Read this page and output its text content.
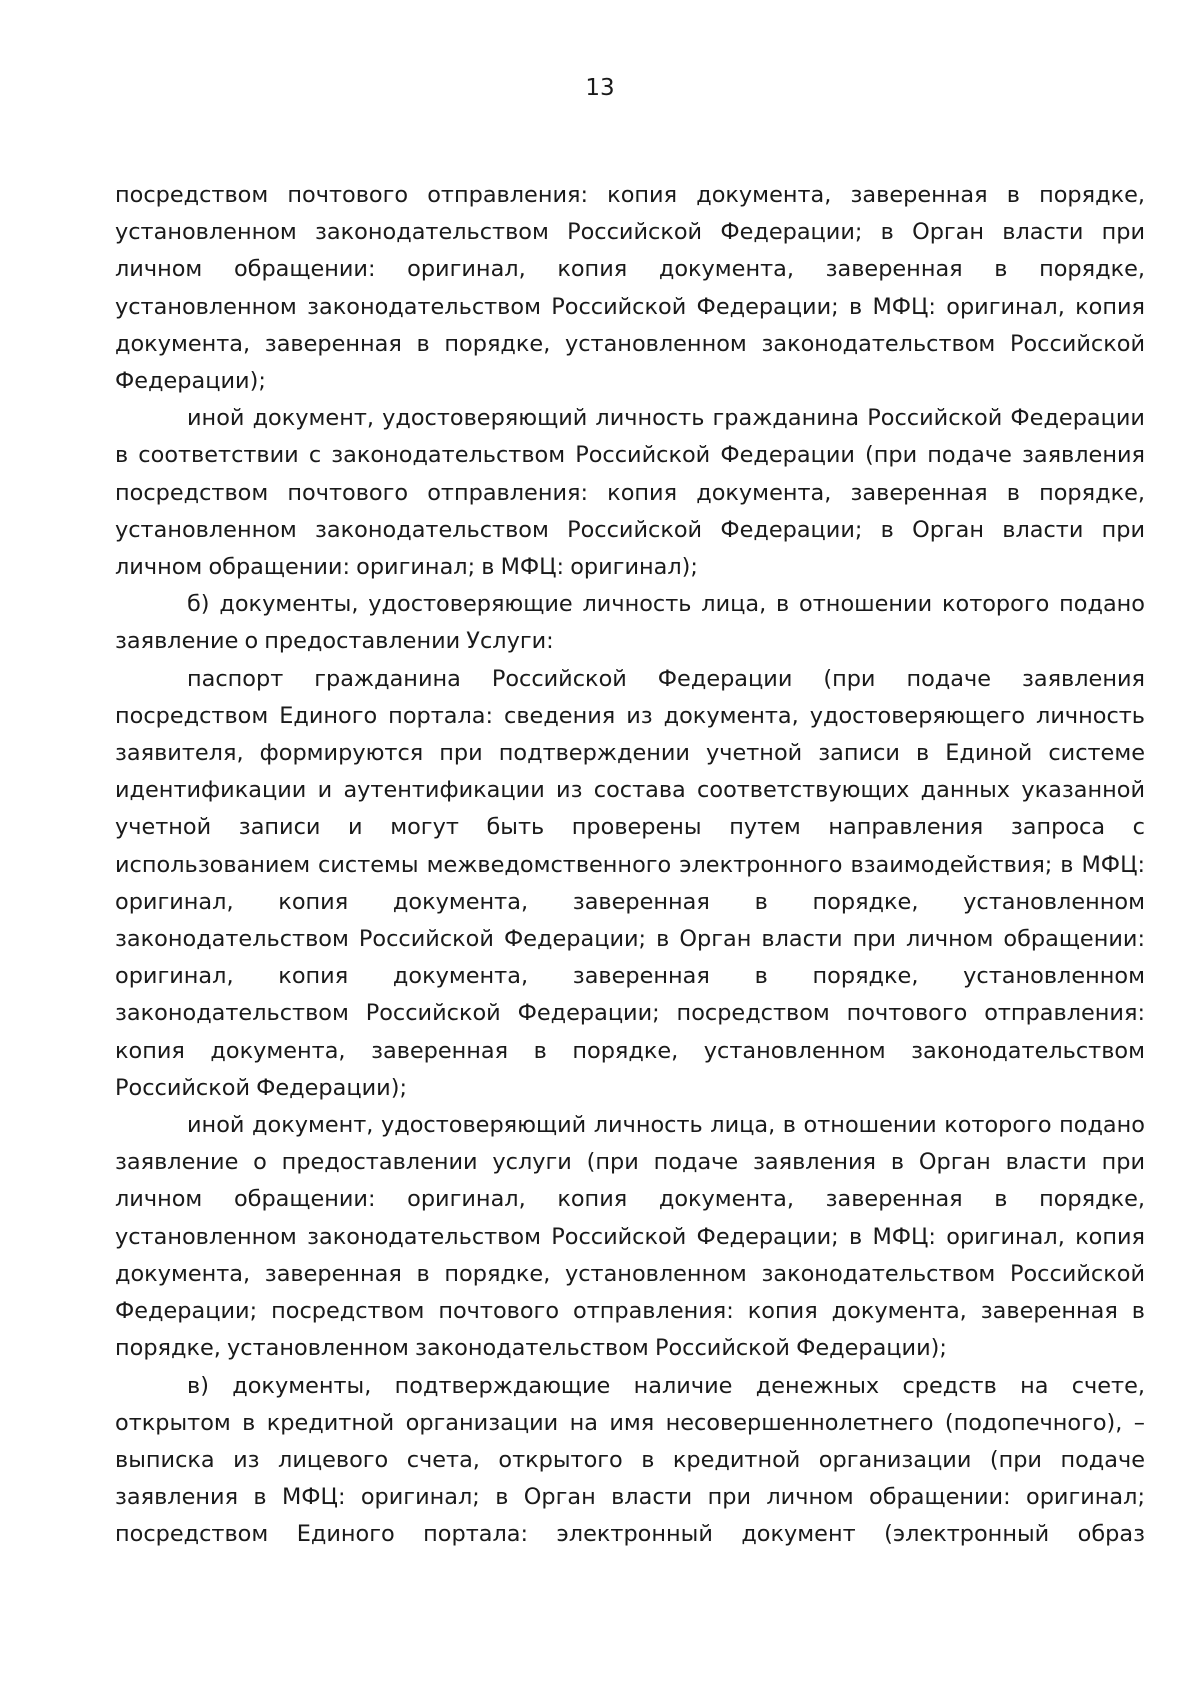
13

посредством почтового отправления: копия документа, заверенная в порядке, установленном законодательством Российской Федерации; в Орган власти при личном обращении: оригинал, копия документа, заверенная в порядке, установленном законодательством Российской Федерации; в МФЦ: оригинал, копия документа, заверенная в порядке, установленном законодательством Российской Федерации);

иной документ, удостоверяющий личность гражданина Российской Федерации в соответствии с законодательством Российской Федерации (при подаче заявления посредством почтового отправления: копия документа, заверенная в порядке, установленном законодательством Российской Федерации; в Орган власти при личном обращении: оригинал; в МФЦ: оригинал);

б) документы, удостоверяющие личность лица, в отношении которого подано заявление о предоставлении Услуги:

паспорт гражданина Российской Федерации (при подаче заявления посредством Единого портала: сведения из документа, удостоверяющего личность заявителя, формируются при подтверждении учетной записи в Единой системе идентификации и аутентификации из состава соответствующих данных указанной учетной записи и могут быть проверены путем направления запроса с использованием системы межведомственного электронного взаимодействия; в МФЦ: оригинал, копия документа, заверенная в порядке, установленном законодательством Российской Федерации; в Орган власти при личном обращении: оригинал, копия документа, заверенная в порядке, установленном законодательством Российской Федерации; посредством почтового отправления: копия документа, заверенная в порядке, установленном законодательством Российской Федерации);

иной документ, удостоверяющий личность лица, в отношении которого подано заявление о предоставлении услуги (при подаче заявления в Орган власти при личном обращении: оригинал, копия документа, заверенная в порядке, установленном законодательством Российской Федерации; в МФЦ: оригинал, копия документа, заверенная в порядке, установленном законодательством Российской Федерации; посредством почтового отправления: копия документа, заверенная в порядке, установленном законодательством Российской Федерации);

в) документы, подтверждающие наличие денежных средств на счете, открытом в кредитной организации на имя несовершеннолетнего (подопечного), – выписка из лицевого счета, открытого в кредитной организации (при подаче заявления в МФЦ: оригинал; в Орган власти при личном обращении: оригинал; посредством Единого портала: электронный документ (электронный образ
